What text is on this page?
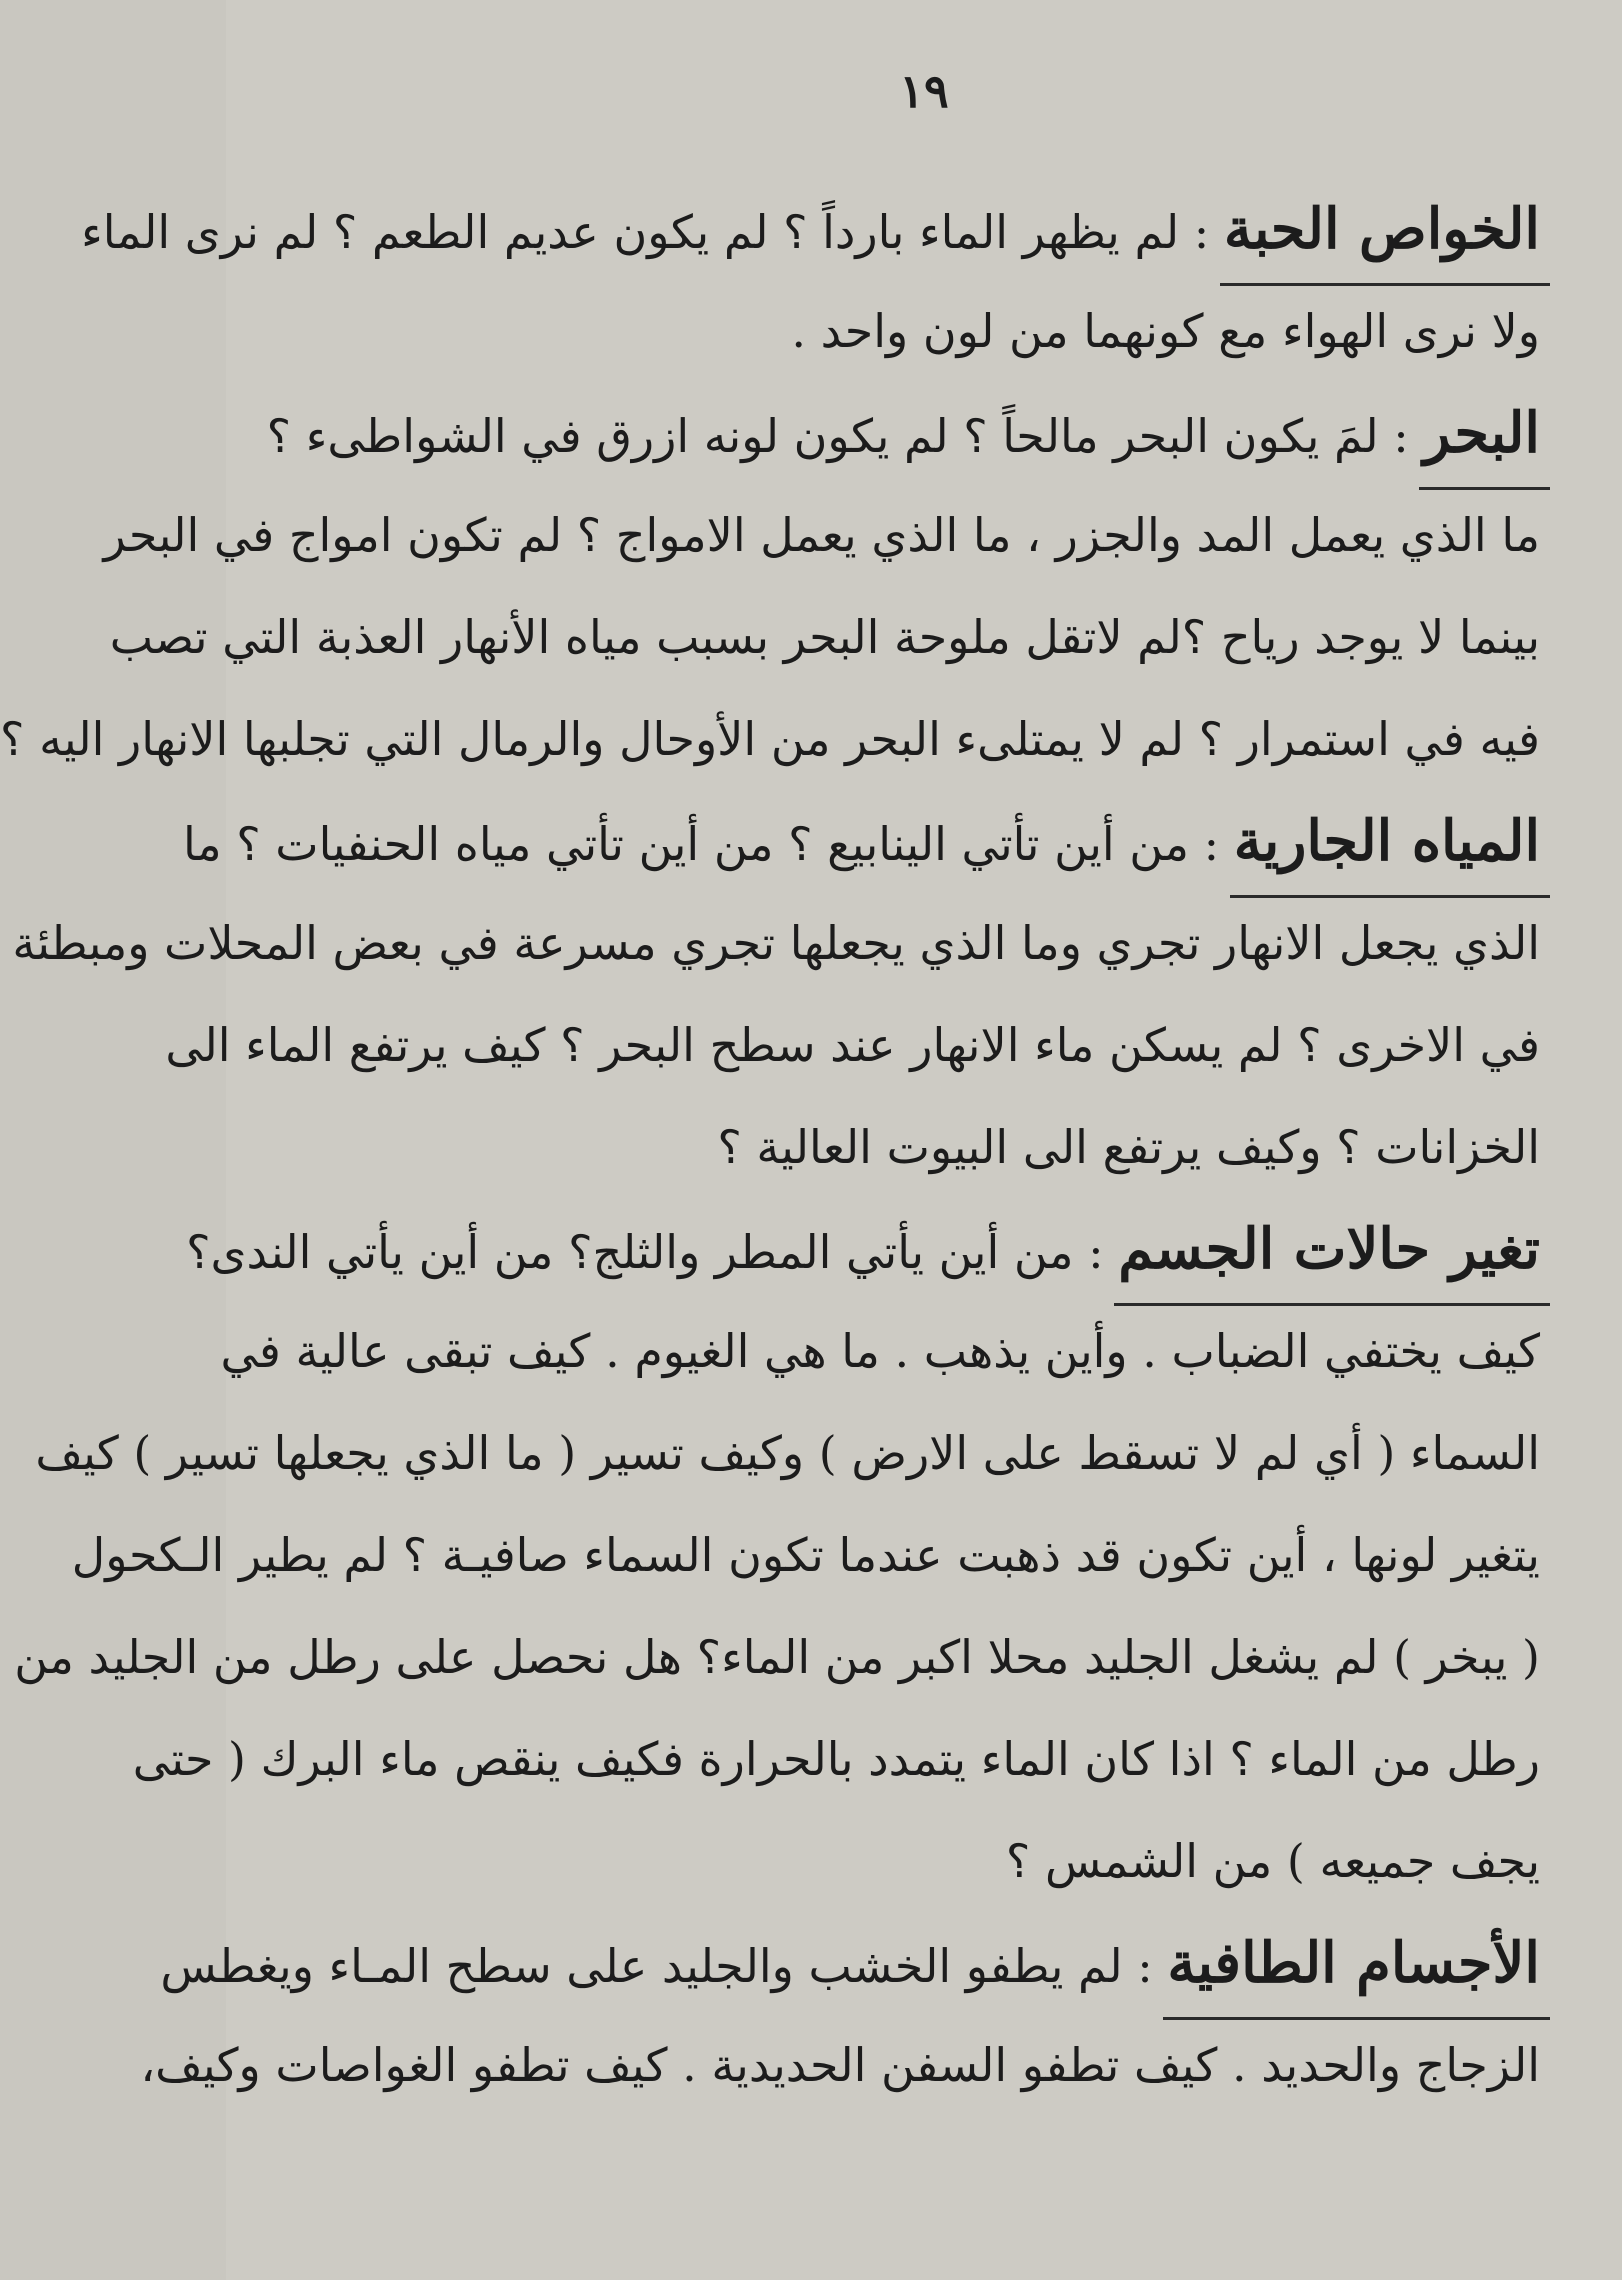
١٩
الخواص الحبة : لم يظهر الماء بارداً ؟ لم يكون عديم الطعم ؟ لم نرى الماء
ولا نرى الهواء مع كونهما من لون واحد .
البحر : لمَ يكون البحر مالحاً ؟ لم يكون لونه ازرق في الشواطىء ؟
ما الذي يعمل المد والجزر ، ما الذي يعمل الامواج ؟ لم تكون امواج في البحر
بينما لا يوجد رياح ؟لم لاتقل ملوحة البحر بسبب مياه الأنهار العذبة التي تصب
فيه في استمرار ؟ لم لا يمتلىء البحر من الأوحال والرمال التي تجلبها الانهار اليه ؟
المياه الجارية : من أين تأتي الينابيع ؟ من أين تأتي مياه الحنفيات ؟ ما
الذي يجعل الانهار تجري وما الذي يجعلها تجري مسرعة في بعض المحلات ومبطئة
في الاخرى ؟ لم يسكن ماء الانهار عند سطح البحر ؟ كيف يرتفع الماء الى
الخزانات ؟ وكيف يرتفع الى البيوت العالية ؟
تغير حالات الجسم : من أين يأتي المطر والثلج؟ من أين يأتي الندى؟
كيف يختفي الضباب . وأين يذهب . ما هي الغيوم . كيف تبقى عالية في
السماء ( أي لم لا تسقط على الارض ) وكيف تسير ( ما الذي يجعلها تسير ) كيف
يتغير لونها ، أين تكون قد ذهبت عندما تكون السماء صافيـة ؟ لم يطير الـكحول
( يبخر ) لم يشغل الجليد محلا اكبر من الماء؟ هل نحصل على رطل من الجليد من
رطل من الماء ؟ اذا كان الماء يتمدد بالحرارة فكيف ينقص ماء البرك ( حتى
يجف جميعه ) من الشمس ؟
الأجسام الطافية : لم يطفو الخشب والجليد على سطح المـاء ويغطس
الزجاج والحديد . كيف تطفو السفن الحديدية . كيف تطفو الغواصات وكيف،
